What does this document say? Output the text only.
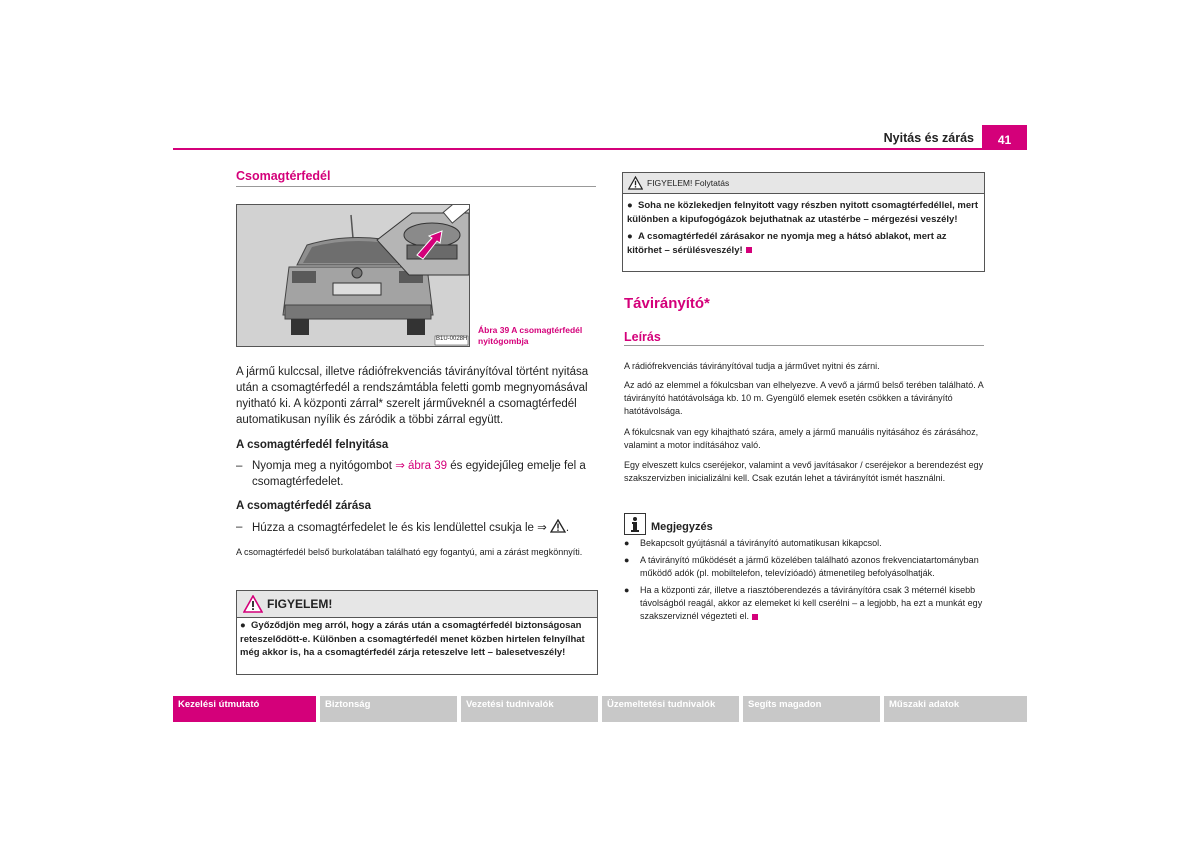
Nyitás és zárás	41
Csomagtérfedél
B1U-0028H
Ábra 39 A csomagtérfedél nyitógombja
A jármű kulccsal, illetve rádiófrekvenciás távirányítóval történt nyitása után a csomagtérfedél a rendszámtábla feletti gomb megnyomásával nyitható ki. A központi zárral* szerelt járműveknél a csomagtérfedél automatikusan nyílik és záródik a többi zárral együtt.
A csomagtérfedél felnyitása
– Nyomja meg a nyitógombot ⇒ ábra 39 és egyidejűleg emelje fel a csomagtérfedelet.
A csomagtérfedél zárása
– Húzza a csomagtérfedelet le és kis lendülettel csukja le ⇒ .
A csomagtérfedél belső burkolatában található egy fogantyú, ami a zárást megkönnyíti.
FIGYELEM!
● Győződjön meg arról, hogy a zárás után a csomagtérfedél biztonságosan reteszelődött-e. Különben a csomagtérfedél menet közben hirtelen felnyílhat még akkor is, ha a csomagtérfedél zárja reteszelve lett – balesetveszély!
FIGYELEM! Folytatás
●  Soha ne közlekedjen felnyitott vagy részben nyitott csomagtérfedéllel, mert különben a kipufogógázok bejuthatnak az utastérbe – mérgezési veszély!
●  A csomagtérfedél zárásakor ne nyomja meg a hátsó ablakot, mert az kitörhet – sérülésveszély!
Távirányító*
Leírás
A rádiófrekvenciás távirányítóval tudja a járművet nyitni és zárni.
Az adó az elemmel a fókulcsban van elhelyezve. A vevő a jármű belső terében található. A távirányító hatótávolsága kb. 10 m. Gyengülő elemek esetén csökken a távirányító hatótávolsága.
A fókulcsnak van egy kihajtható szára, amely a jármű manuális nyitásához és zárásához, valamint a motor indításához való.
Egy elveszett kulcs cseréjekor, valamint a vevő javításakor / cseréjekor a berendezést egy szakszervizben inicializálni kell. Csak ezután lehet a távirányítót ismét használni.
Megjegyzés
●	Bekapcsolt gyújtásnál a távirányító automatikusan kikapcsol.
●	A távirányító működését a jármű közelében található azonos frekvenciatartományban működő adók (pl. mobiltelefon, televízióadó) átmenetileg befolyásolhatják.
●	Ha a központi zár, illetve a riasztóberendezés a távirányítóra csak 3 méternél kisebb távolságból reagál, akkor az elemeket ki kell cserélni – a legjobb, ha ezt a munkát egy szakszerviznél végezteti el.
Kezelési útmutató	Biztonság	Vezetési tudnivalók	Üzemeltetési tudnivalók	Segíts magadon	Műszaki adatok
